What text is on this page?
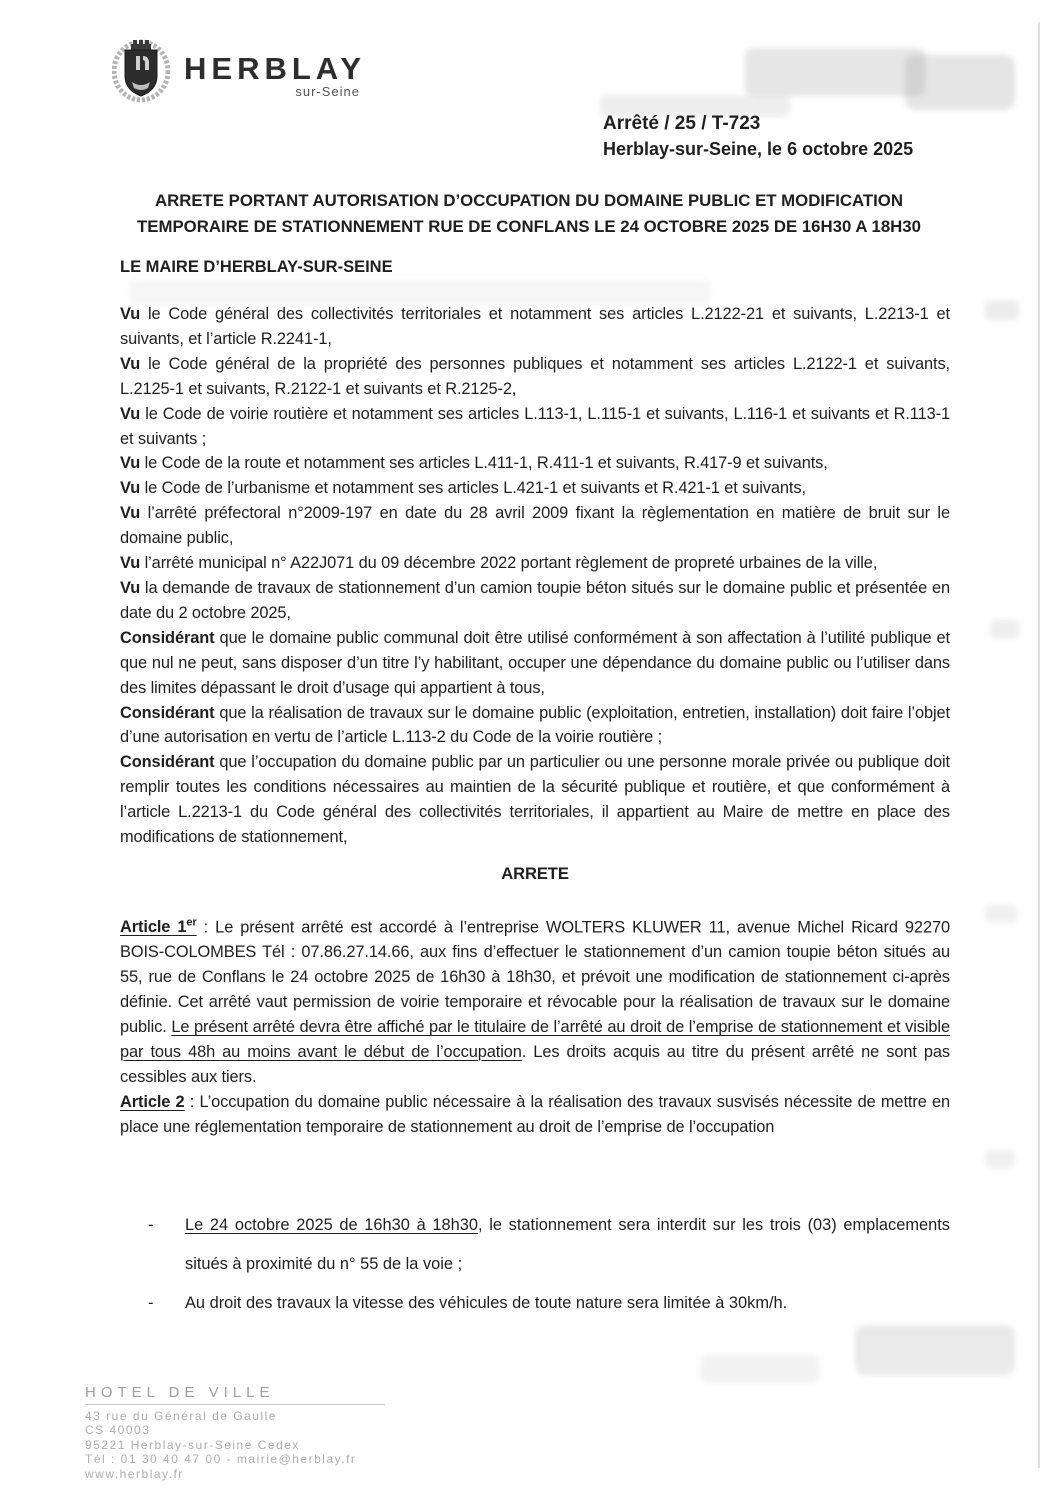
HERBLAY
sur-Seine
Arrêté / 25 / T-723
Herblay-sur-Seine, le 6 octobre 2025
ARRETE PORTANT AUTORISATION D’OCCUPATION DU DOMAINE PUBLIC ET MODIFICATION TEMPORAIRE DE STATIONNEMENT RUE DE CONFLANS LE 24 OCTOBRE 2025 DE 16H30 A 18H30
LE MAIRE D’HERBLAY-SUR-SEINE

Vu le Code général des collectivités territoriales et notamment ses articles L.2122-21 et suivants, L.2213-1 et suivants, et l’article R.2241-1,

Vu le Code général de la propriété des personnes publiques et notamment ses articles L.2122-1 et suivants, L.2125-1 et suivants, R.2122-1 et suivants et R.2125-2,

Vu le Code de voirie routière et notamment ses articles L.113-1, L.115-1 et suivants, L.116-1 et suivants et R.113-1 et suivants ;

Vu le Code de la route et notamment ses articles L.411-1, R.411-1 et suivants, R.417-9 et suivants,

Vu le Code de l’urbanisme et notamment ses articles L.421-1 et suivants et R.421-1 et suivants,

Vu l’arrêté préfectoral n°2009-197 en date du 28 avril 2009 fixant la règlementation en matière de bruit sur le domaine public,

Vu l’arrêté municipal n° A22J071 du 09 décembre 2022 portant règlement de propreté urbaines de la ville,

Vu la demande de travaux de stationnement d’un camion toupie béton situés sur le domaine public et présentée en date du 2 octobre 2025,

Considérant que le domaine public communal doit être utilisé conformément à son affectation à l’utilité publique et que nul ne peut, sans disposer d’un titre l’y habilitant, occuper une dépendance du domaine public ou l’utiliser dans des limites dépassant le droit d’usage qui appartient à tous,

Considérant que la réalisation de travaux sur le domaine public (exploitation, entretien, installation) doit faire l’objet d’une autorisation en vertu de l’article L.113-2 du Code de la voirie routière ;

Considérant que l’occupation du domaine public par un particulier ou une personne morale privée ou publique doit remplir toutes les conditions nécessaires au maintien de la sécurité publique et routière, et que conformément à l’article L.2213-1 du Code général des collectivités territoriales, il appartient au Maire de mettre en place des modifications de stationnement,

ARRETE

Article 1er : Le présent arrêté est accordé à l’entreprise WOLTERS KLUWER 11, avenue Michel Ricard 92270 BOIS-COLOMBES Tél : 07.86.27.14.66, aux fins d’effectuer le stationnement d’un camion toupie béton situés au 55, rue de Conflans le 24 octobre 2025 de 16h30 à 18h30, et prévoit une modification de stationnement ci-après définie. Cet arrêté vaut permission de voirie temporaire et révocable pour la réalisation de travaux sur le domaine public. Le présent arrêté devra être affiché par le titulaire de l’arrêté au droit de l’emprise de stationnement et visible par tous 48h au moins avant le début de l’occupation. Les droits acquis au titre du présent arrêté ne sont pas cessibles aux tiers.

Article 2 : L’occupation du domaine public nécessaire à la réalisation des travaux susvisés nécessite de mettre en place une réglementation temporaire de stationnement au droit de l’emprise de l’occupation

-	Le 24 octobre 2025 de 16h30 à 18h30, le stationnement sera interdit sur les trois (03) emplacements situés à proximité du n° 55 de la voie ;
-	Au droit des travaux la vitesse des véhicules de toute nature sera limitée à 30km/h.
HOTEL DE VILLE
43 rue du Général de Gaulle
CS 40003
95221 Herblay-sur-Seine Cedex
Tél : 01 30 40 47 00 - mairie@herblay.fr
www.herblay.fr
